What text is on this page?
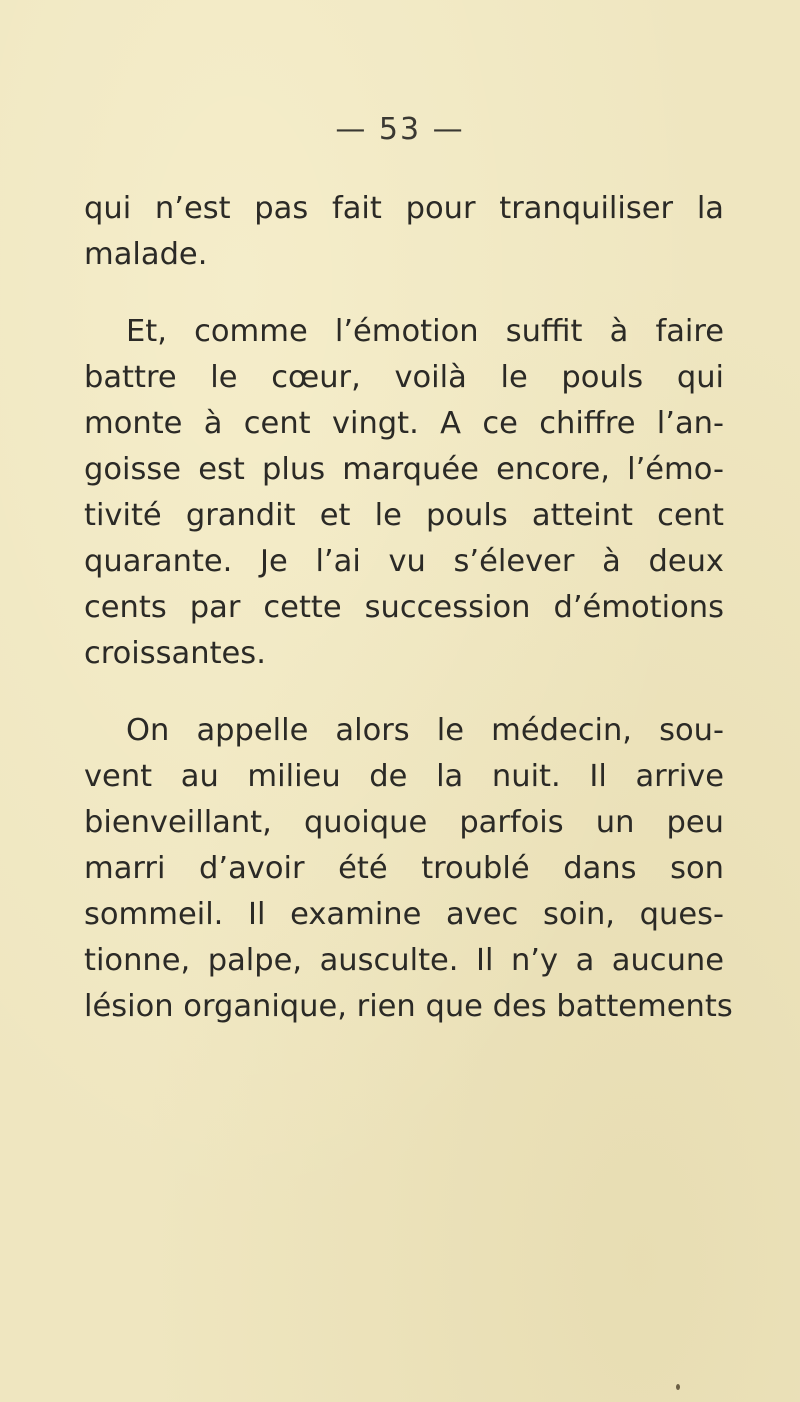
— 53 —
qui n’est pas fait pour tranquiliser la
malade.
Et, comme l’émotion suffit à faire
battre le cœur, voilà le pouls qui
monte à cent vingt. A ce chiffre l’an-
goisse est plus marquée encore, l’émo-
tivité grandit et le pouls atteint cent
quarante. Je l’ai vu s’élever à deux
cents par cette succession d’émotions
croissantes.
On appelle alors le médecin, sou-
vent au milieu de la nuit. Il arrive
bienveillant, quoique parfois un peu
marri d’avoir été troublé dans son
sommeil. Il examine avec soin, ques-
tionne, palpe, ausculte. Il n’y a aucune
lésion organique, rien que des battements
